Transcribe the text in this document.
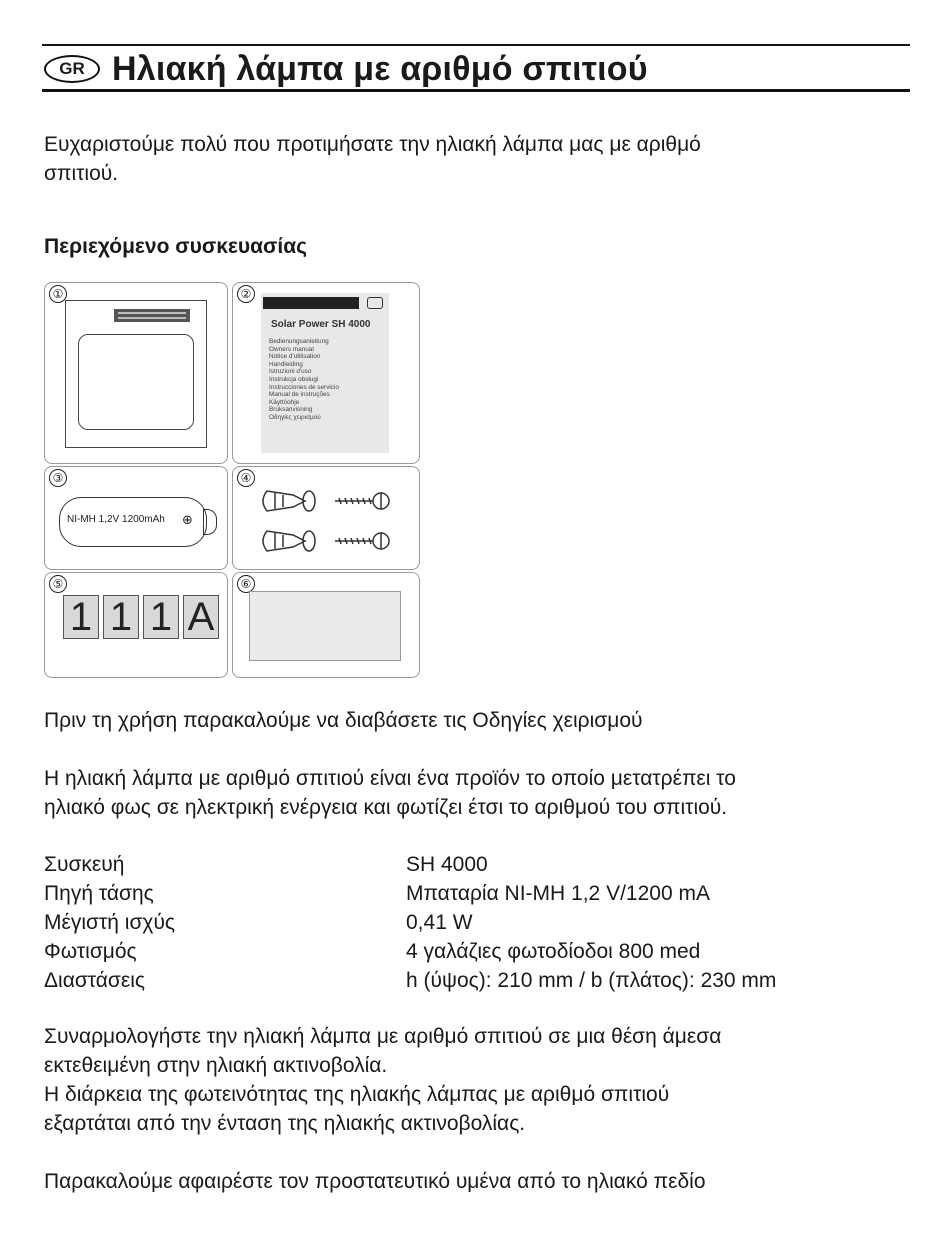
GR Ηλιακή λάμπα με αριθμό σπιτιού
Ευχαριστούμε πολύ που προτιμήσατε την ηλιακή λάμπα μας με αριθμό
σπιτιού.
Περιεχόμενο συσκευασίας
①	②
Solar Power SH 4000
Bedienungsanleitung
Owners manual
Notice d'utilisation
Handleiding
Istruzioni d'uso
Instrukcja obsługi
Instrucciones de servicio
Manual de instruções
Käyttöohje
Bruksanvisning
Οδηγίες χειρισμού
③
NI-MH 1,2V 1200mAh ⊕
④
⑤
1 1 1 A
⑥
Πριν τη χρήση παρακαλούμε να διαβάσετε τις Οδηγίες χειρισμού
Η ηλιακή λάμπα με αριθμό σπιτιού είναι ένα προϊόν το οποίο μετατρέπει το
ηλιακό φως σε ηλεκτρική ενέργεια και φωτίζει έτσι το αριθμού του σπιτιού.
Συσκευή	SH 4000
Πηγή τάσης	Μπαταρία NI-MH 1,2 V/1200 mA
Μέγιστή ισχύς	0,41 W
Φωτισμός	4 γαλάζιες φωτοδίοδοι 800 med
Διαστάσεις	h (ύψος): 210 mm / b (πλάτος): 230 mm
Συναρμολογήστε την ηλιακή λάμπα με αριθμό σπιτιού σε μια θέση άμεσα
εκτεθειμένη στην ηλιακή ακτινοβολία.
Η διάρκεια της φωτεινότητας της ηλιακής λάμπας με αριθμό σπιτιού
εξαρτάται από την ένταση της ηλιακής ακτινοβολίας.
Παρακαλούμε αφαιρέστε τον προστατευτικό υμένα από το ηλιακό πεδίο
